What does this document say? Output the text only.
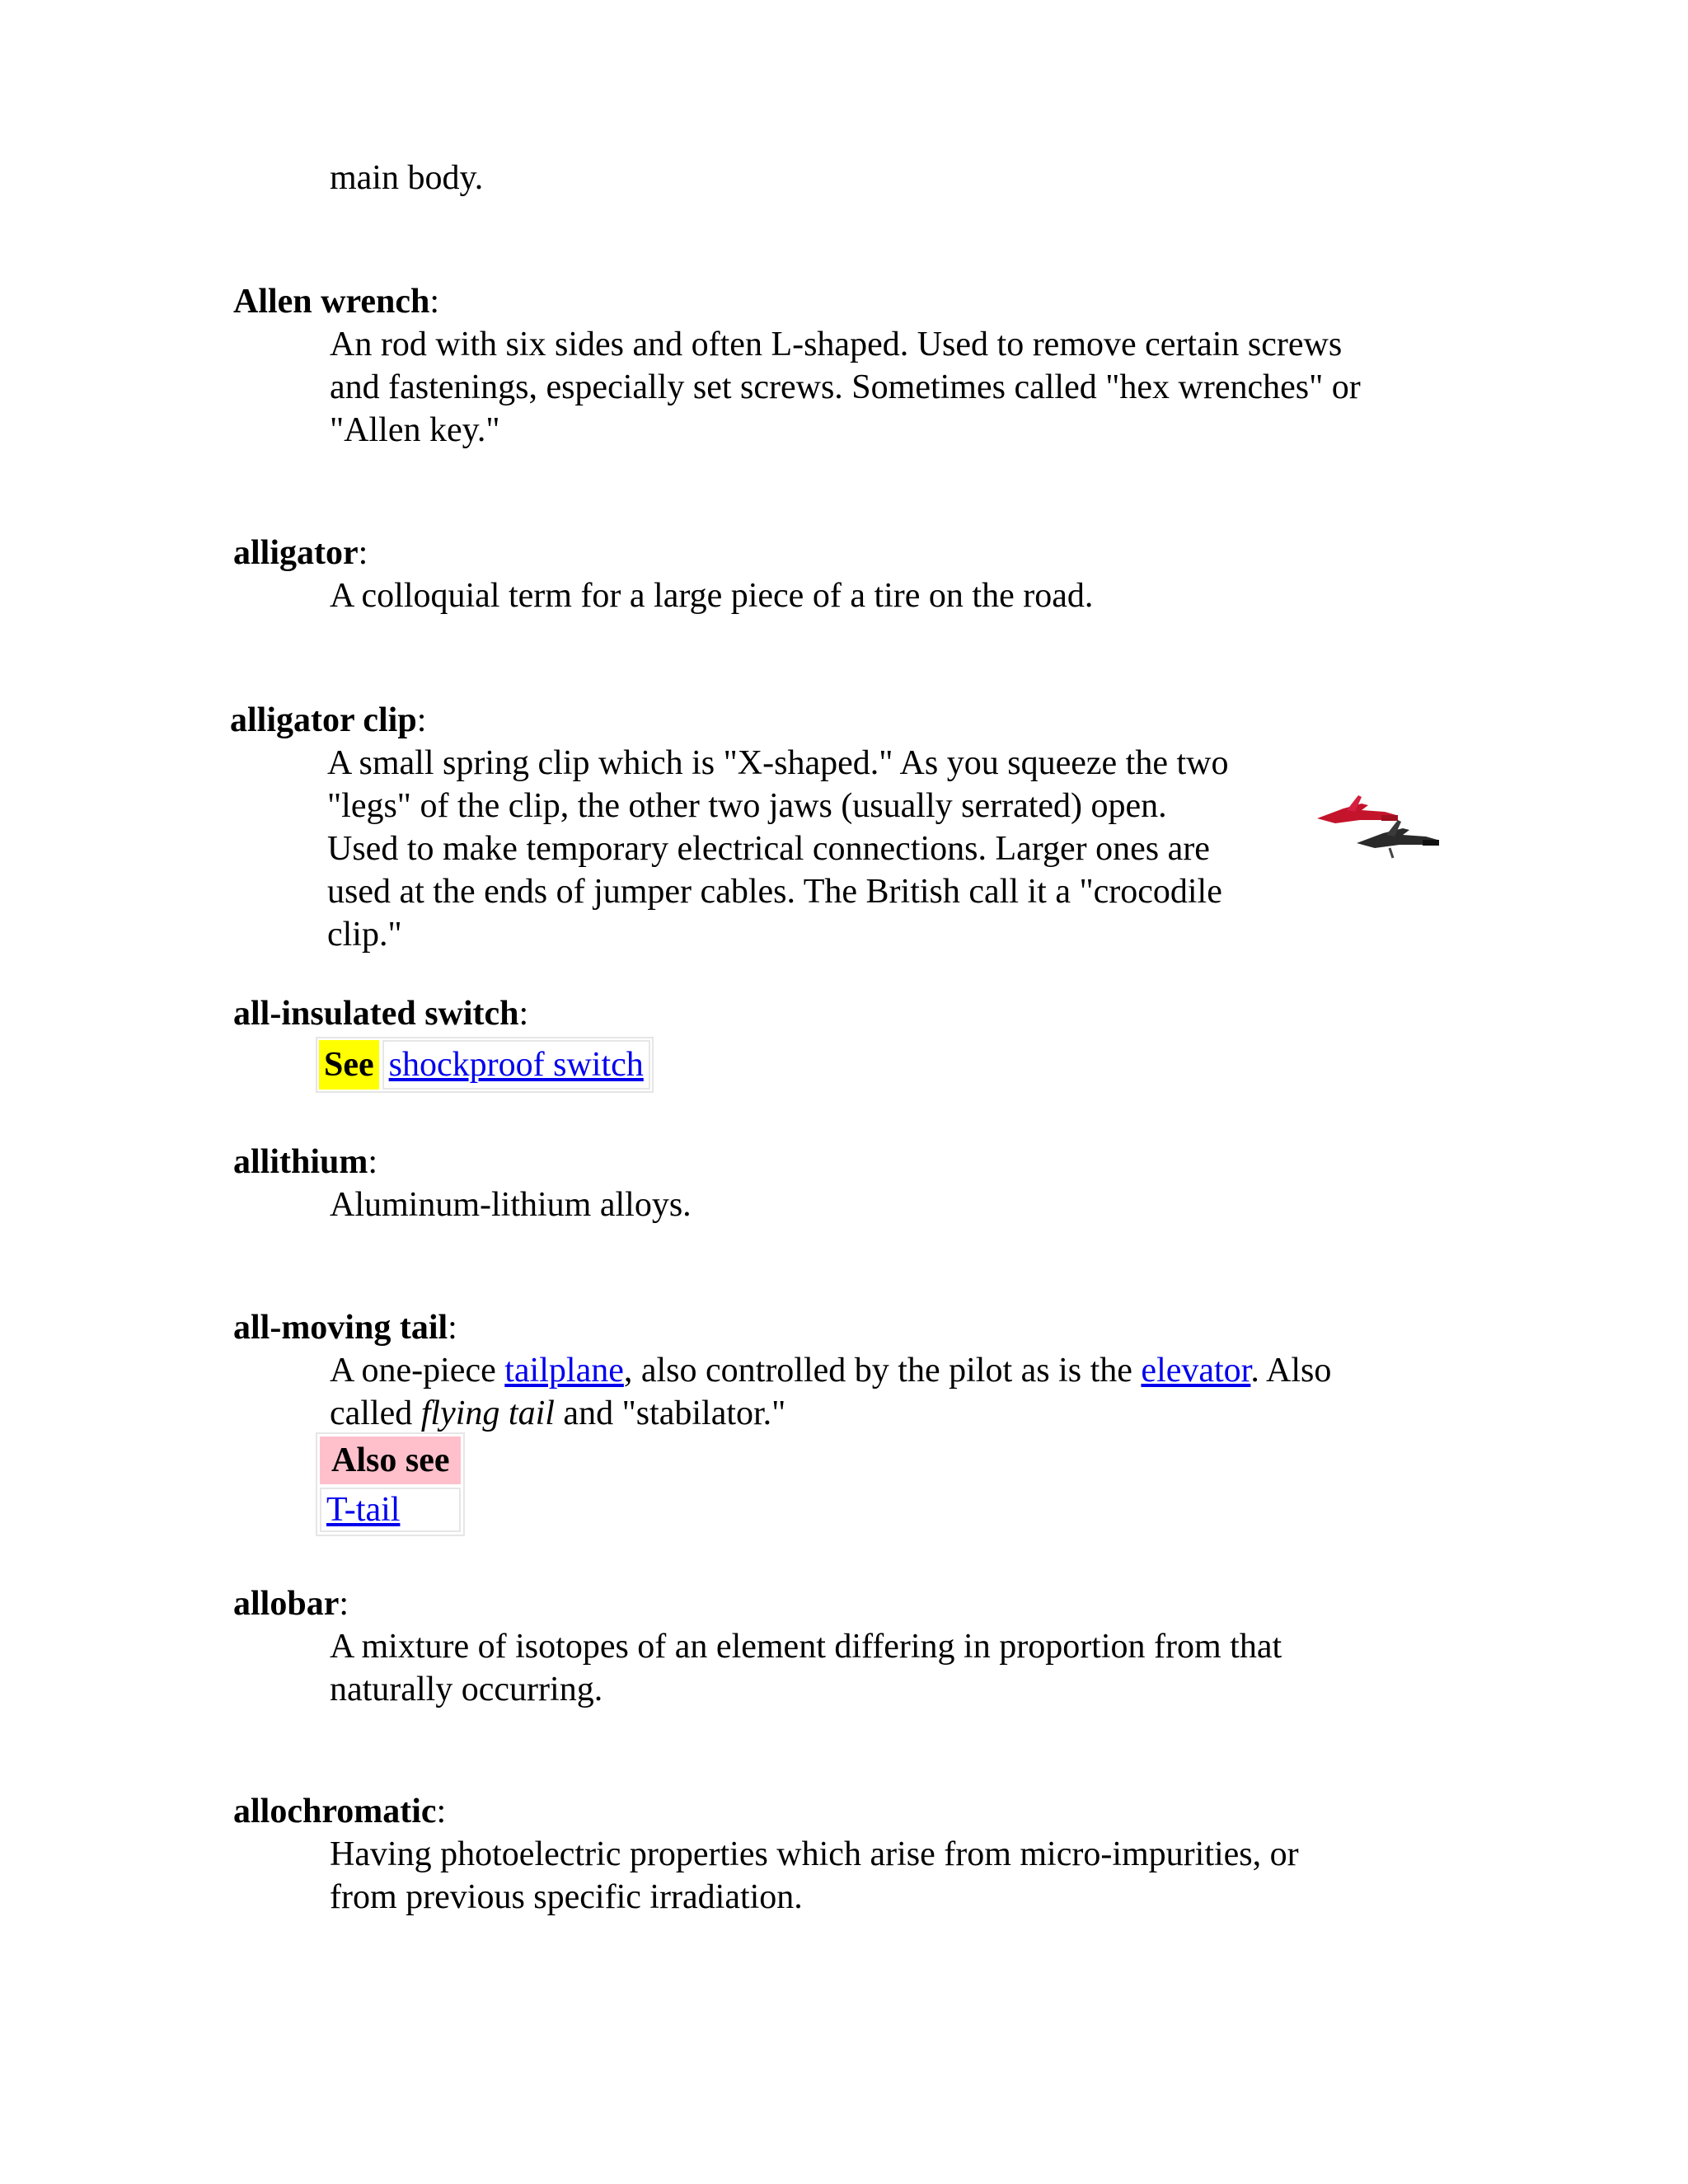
main body.

Allen wrench:
An rod with six sides and often L-shaped. Used to remove certain screws
and fastenings, especially set screws. Sometimes called "hex wrenches" or
"Allen key."
alligator:
A colloquial term for a large piece of a tire on the road.
alligator clip:
A small spring clip which is "X-shaped." As you squeeze the two
"legs" of the clip, the other two jaws (usually serrated) open.
Used to make temporary electrical connections. Larger ones are
used at the ends of jumper cables. The British call it a "crocodile
clip."
all-insulated switch:
See shockproof switch
allithium:
Aluminum-lithium alloys.
all-moving tail:
A one-piece tailplane, also controlled by the pilot as is the elevator. Also
called flying tail and "stabilator."
Also see
T-tail
allobar:
A mixture of isotopes of an element differing in proportion from that
naturally occurring.
allochromatic:
Having photoelectric properties which arise from micro-impurities, or
from previous specific irradiation.
